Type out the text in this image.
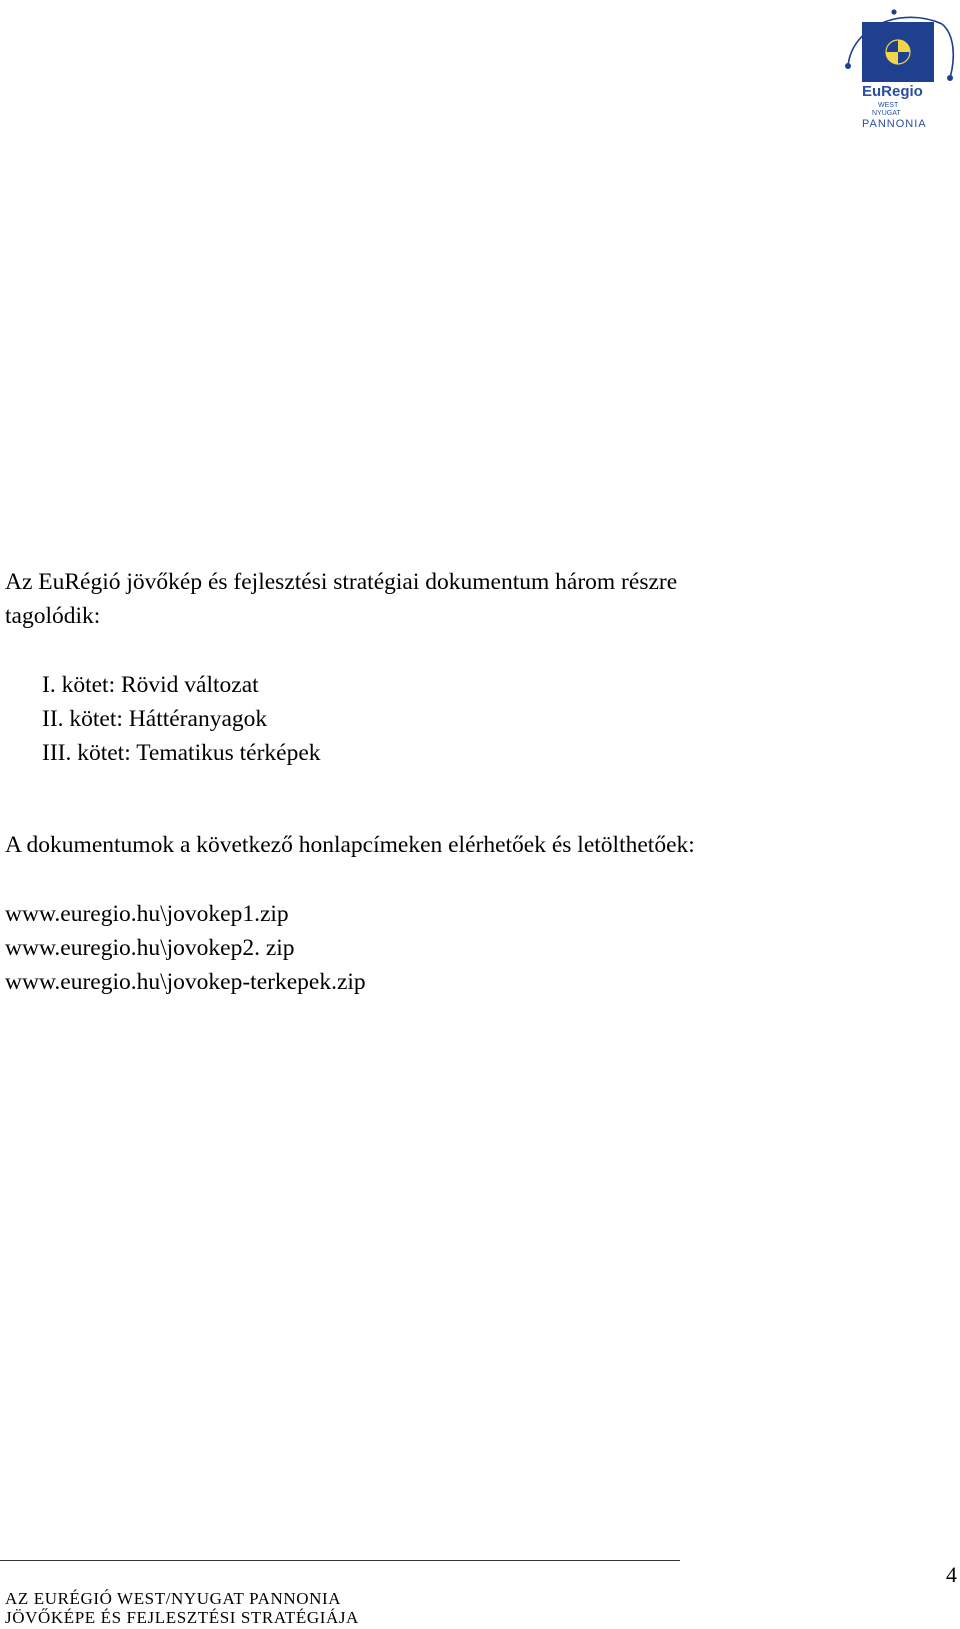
EuRegio
WEST
NYUGAT
PANNONIA
Az EuRégió jövőkép és fejlesztési stratégiai dokumentum három részre
tagolódik:
I. kötet: Rövid változat
II. kötet: Háttéranyagok
III. kötet: Tematikus térképek
A dokumentumok a következő honlapcímeken elérhetőek és letölthetőek:
www.euregio.hu\jovokep1.zip
www.euregio.hu\jovokep2. zip
www.euregio.hu\jovokep-terkepek.zip
4
AZ EURÉGIÓ WEST/NYUGAT PANNONIA
JÖVŐKÉPE ÉS FEJLESZTÉSI STRATÉGIÁJA
